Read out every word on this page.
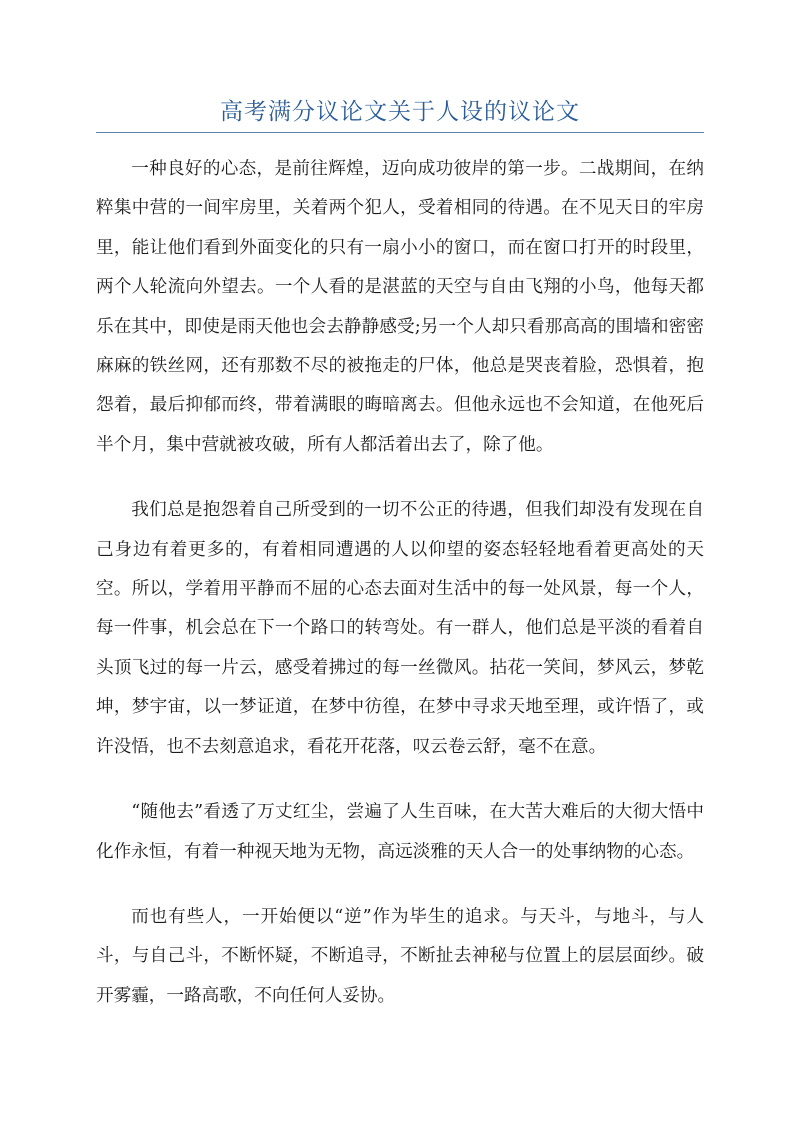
高考满分议论文关于人设的议论文

一种良好的心态，是前往辉煌，迈向成功彼岸的第一步。二战期间，在纳粹集中营的一间牢房里，关着两个犯人，受着相同的待遇。在不见天日的牢房里，能让他们看到外面变化的只有一扇小小的窗口，而在窗口打开的时段里，两个人轮流向外望去。一个人看的是湛蓝的天空与自由飞翔的小鸟，他每天都乐在其中，即使是雨天他也会去静静感受;另一个人却只看那高高的围墙和密密麻麻的铁丝网，还有那数不尽的被拖走的尸体，他总是哭丧着脸，恐惧着，抱怨着，最后抑郁而终，带着满眼的晦暗离去。但他永远也不会知道，在他死后半个月，集中营就被攻破，所有人都活着出去了，除了他。

我们总是抱怨着自己所受到的一切不公正的待遇，但我们却没有发现在自己身边有着更多的，有着相同遭遇的人以仰望的姿态轻轻地看着更高处的天空。所以，学着用平静而不屈的心态去面对生活中的每一处风景，每一个人，每一件事，机会总在下一个路口的转弯处。有一群人，他们总是平淡的看着自头顶飞过的每一片云，感受着拂过的每一丝微风。拈花一笑间，梦风云，梦乾坤，梦宇宙，以一梦证道，在梦中彷徨，在梦中寻求天地至理，或许悟了，或许没悟，也不去刻意追求，看花开花落，叹云卷云舒，毫不在意。

“随他去”看透了万丈红尘，尝遍了人生百味，在大苦大难后的大彻大悟中化作永恒，有着一种视天地为无物，高远淡雅的天人合一的处事纳物的心态。

而也有些人，一开始便以“逆”作为毕生的追求。与天斗，与地斗，与人斗，与自己斗，不断怀疑，不断追寻，不断扯去神秘与位置上的层层面纱。破开雾霾，一路高歌，不向任何人妥协。
